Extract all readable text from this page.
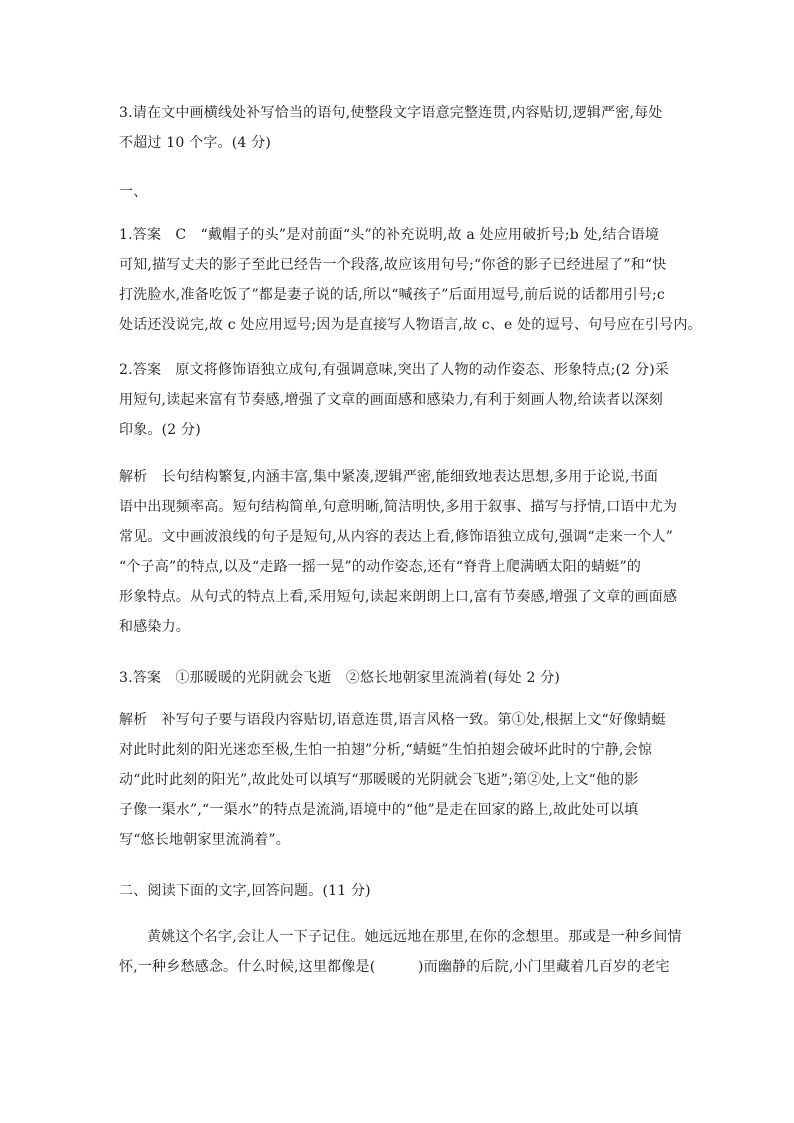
3.请在文中画横线处补写恰当的语句,使整段文字语意完整连贯,内容贴切,逻辑严密,每处
不超过 10 个字。(4 分)
一、
1.答案　C　“戴帽子的头”是对前面“头”的补充说明,故 a 处应用破折号;b 处,结合语境
可知,描写丈夫的影子至此已经告一个段落,故应该用句号;“你爸的影子已经进屋了”和“快
打洗脸水,准备吃饭了”都是妻子说的话,所以“喊孩子”后面用逗号,前后说的话都用引号;c
处话还没说完,故 c 处应用逗号;因为是直接写人物语言,故 c、e 处的逗号、句号应在引号内。
2.答案　原文将修饰语独立成句,有强调意味,突出了人物的动作姿态、形象特点;(2 分)采
用短句,读起来富有节奏感,增强了文章的画面感和感染力,有利于刻画人物,给读者以深刻
印象。(2 分)
解析　长句结构繁复,内涵丰富,集中紧凑,逻辑严密,能细致地表达思想,多用于论说,书面
语中出现频率高。短句结构简单,句意明晰,简洁明快,多用于叙事、描写与抒情,口语中尤为
常见。文中画波浪线的句子是短句,从内容的表达上看,修饰语独立成句,强调“走来一个人”
“个子高”的特点,以及“走路一摇一晃”的动作姿态,还有“脊背上爬满晒太阳的蜻蜓”的
形象特点。从句式的特点上看,采用短句,读起来朗朗上口,富有节奏感,增强了文章的画面感
和感染力。
3.答案　①那暖暖的光阴就会飞逝　②悠长地朝家里流淌着(每处 2 分)
解析　补写句子要与语段内容贴切,语意连贯,语言风格一致。第①处,根据上文“好像蜻蜓
对此时此刻的阳光迷恋至极,生怕一拍翅”分析,“蜻蜓”生怕拍翅会破坏此时的宁静,会惊
动“此时此刻的阳光”,故此处可以填写“那暖暖的光阴就会飞逝”;第②处,上文“他的影
子像一渠水”,“一渠水”的特点是流淌,语境中的“他”是走在回家的路上,故此处可以填
写“悠长地朝家里流淌着”。
二、阅读下面的文字,回答问题。(11 分)
黄姚这个名字,会让人一下子记住。她远远地在那里,在你的念想里。那或是一种乡间情
怀,一种乡愁感念。什么时候,这里都像是(　　　)而幽静的后院,小门里藏着几百岁的老宅
